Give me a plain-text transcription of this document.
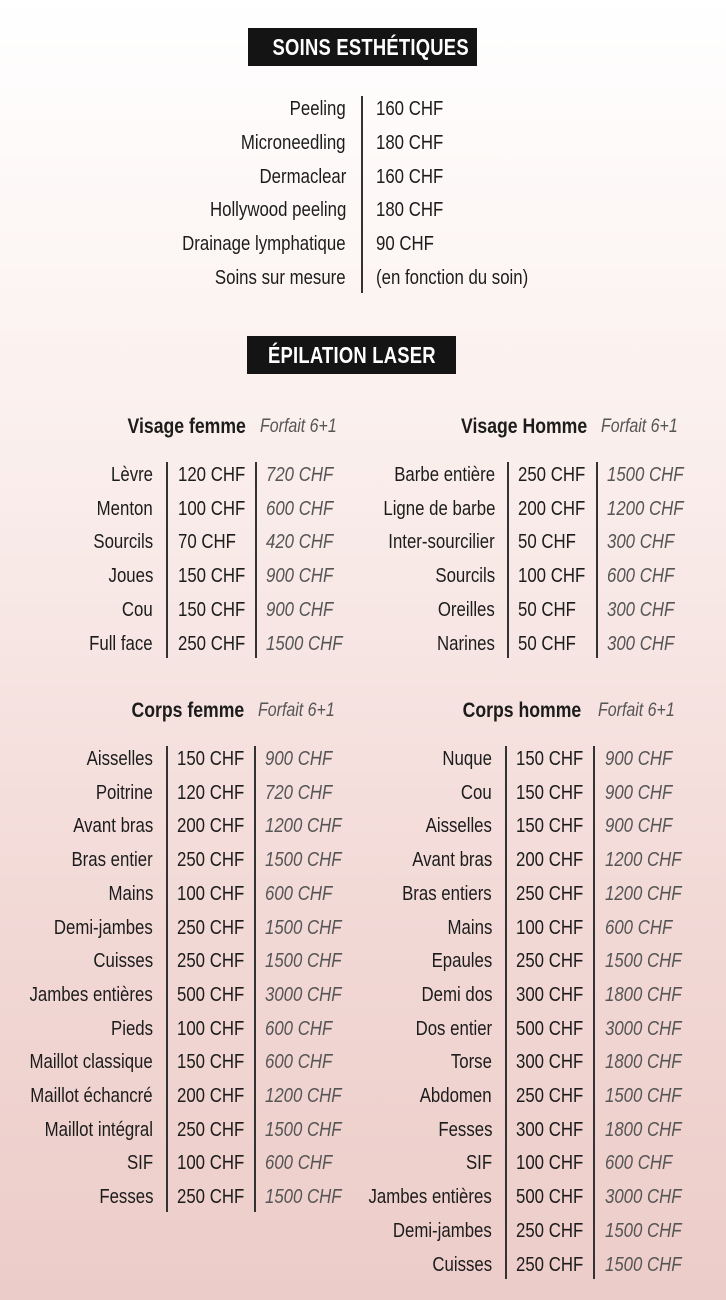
SOINS ESTHÉTIQUES
ÉPILATION LASER
Peeling 160 CHF
Microneedling 180 CHF
Dermaclear 160 CHF
Hollywood peeling 180 CHF
Drainage lymphatique 90 CHF
Soins sur mesure (en fonction du soin)
Lèvre 120 CHF	720 CHF
Menton 100 CHF	600 CHF
Sourcils 70 CHF	420 CHF
Joues 150 CHF	900 CHF
Cou 150 CHF	900 CHF
Full face 250 CHF	1500 CHF
Barbe entière 250 CHF	1500 CHF
Ligne de barbe 200 CHF	1200 CHF
Inter-sourcilier 50 CHF	300 CHF
Sourcils 100 CHF	600 CHF
Oreilles 50 CHF	300 CHF
Narines 50 CHF	300 CHF
Aisselles 150 CHF	900 CHF
Poitrine 120 CHF	720 CHF
Avant bras 200 CHF	1200 CHF
Bras entier 250 CHF	1500 CHF
Mains 100 CHF	600 CHF
Demi-jambes 250 CHF	1500 CHF
Cuisses 250 CHF	1500 CHF
Jambes entières 500 CHF	3000 CHF
Pieds 100 CHF	600 CHF
Maillot classique 150 CHF	600 CHF
Maillot échancré 200 CHF	1200 CHF
Maillot intégral 250 CHF	1500 CHF
SIF 100 CHF	600 CHF
Fesses 250 CHF	1500 CHF
Nuque 150 CHF	900 CHF
Cou 150 CHF	900 CHF
Aisselles 150 CHF	900 CHF
Avant bras 200 CHF	1200 CHF
Bras entiers 250 CHF	1200 CHF
Mains 100 CHF	600 CHF
Epaules 250 CHF	1500 CHF
Demi dos 300 CHF	1800 CHF
Dos entier 500 CHF	3000 CHF
Torse 300 CHF	1800 CHF
Abdomen 250 CHF	1500 CHF
Fesses 300 CHF	1800 CHF
SIF 100 CHF	600 CHF
Jambes entières 500 CHF	3000 CHF
Demi-jambes 250 CHF	1500 CHF
Cuisses 250 CHF	1500 CHF
Visage femme Forfait 6+1	Visage Homme Forfait 6+1
Corps femme Forfait 6+1	Corps homme Forfait 6+1
